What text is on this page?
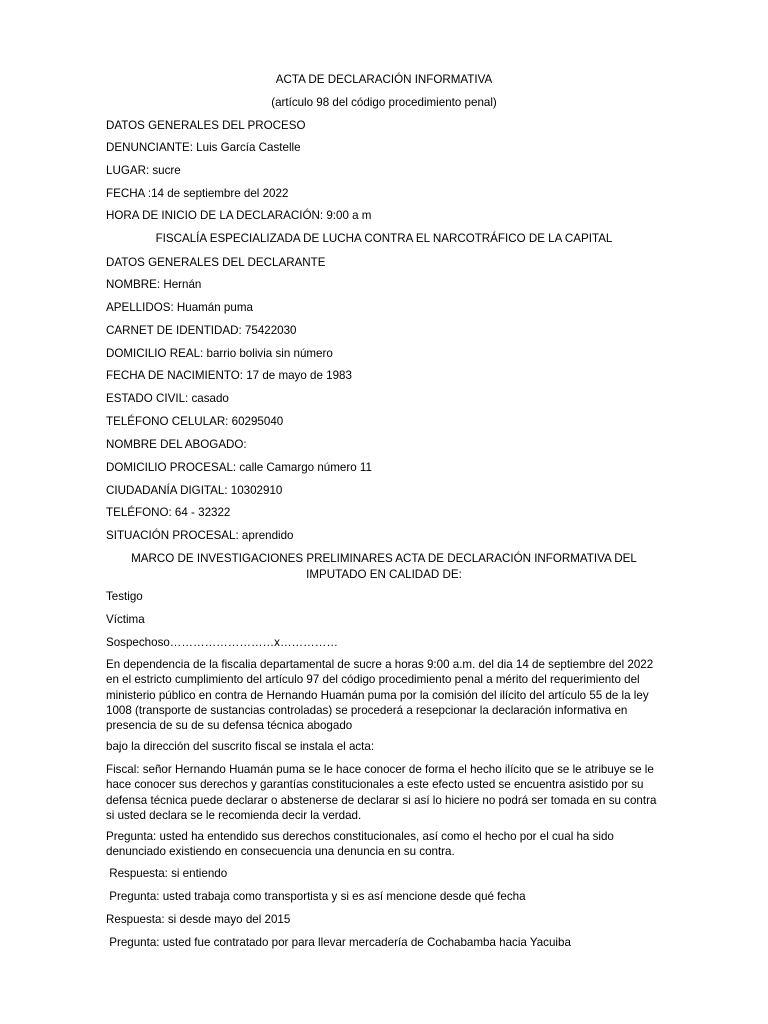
ACTA DE DECLARACIÓN INFORMATIVA
(artículo 98 del código procedimiento penal)
DATOS GENERALES DEL PROCESO
DENUNCIANTE: Luis García Castelle
LUGAR: sucre
FECHA :14 de septiembre del 2022
HORA DE INICIO DE LA DECLARACIÓN: 9:00 a m
FISCALÍA ESPECIALIZADA DE LUCHA CONTRA EL NARCOTRÁFICO DE LA CAPITAL
DATOS GENERALES DEL DECLARANTE
NOMBRE: Hernán
APELLIDOS: Huamán puma
CARNET DE IDENTIDAD: 75422030
DOMICILIO REAL: barrio bolivia sin número
FECHA DE NACIMIENTO: 17 de mayo de 1983
ESTADO CIVIL: casado
TELÉFONO CELULAR: 60295040
NOMBRE DEL ABOGADO:
DOMICILIO PROCESAL: calle Camargo número 11
CIUDADANÍA DIGITAL: 10302910
TELÉFONO: 64 - 32322
SITUACIÓN PROCESAL: aprendido
MARCO DE INVESTIGACIONES PRELIMINARES ACTA DE DECLARACIÓN INFORMATIVA DEL
IMPUTADO EN CALIDAD DE:
Testigo
Víctima
Sospechoso………………………x……………
En dependencia de la fiscalia departamental de sucre a horas 9:00 a.m. del dia 14 de septiembre del 2022 en el estricto cumplimiento del artículo 97 del código procedimiento penal a mérito del requerimiento del ministerio público en contra de Hernando Huamán puma por la comisión del ilícito del artículo 55 de la ley 1008 (transporte de sustancias controladas) se procederá a resepcionar la declaración informativa en presencia de su de su defensa técnica abogado
bajo la dirección del suscrito fiscal se instala el acta:
Fiscal: señor Hernando Huamán puma se le hace conocer de forma el hecho ilícito que se le atribuye se le hace conocer sus derechos y garantías constitucionales a este efecto usted se encuentra asistido por su defensa técnica puede declarar o abstenerse de declarar si así lo hiciere no podrá ser tomada en su contra si usted declara se le recomienda decir la verdad.
Pregunta: usted ha entendido sus derechos constitucionales, así como el hecho por el cual ha sido denunciado existiendo en consecuencia una denuncia en su contra.
Respuesta: si entiendo
Pregunta: usted trabaja como transportista y si es así mencione desde qué fecha
Respuesta: si desde mayo del 2015
Pregunta: usted fue contratado por para llevar mercadería de Cochabamba hacia Yacuiba
